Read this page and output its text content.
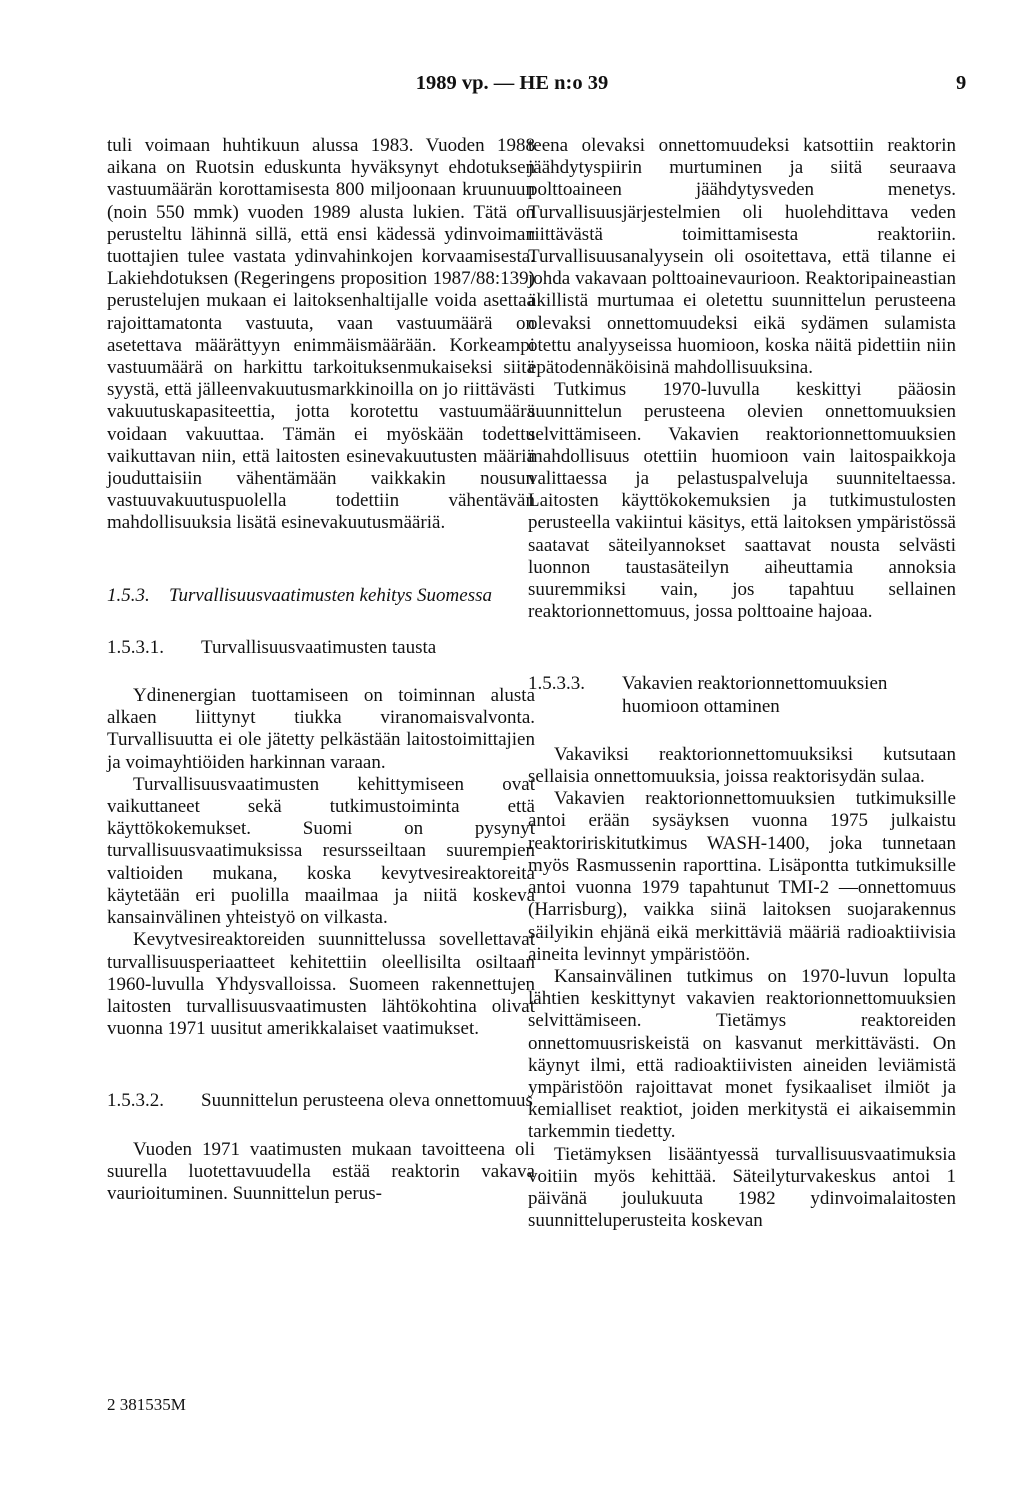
1989 vp. — HE n:o 39	9

tuli voimaan huhtikuun alussa 1983. Vuoden 1988 aikana on Ruotsin eduskunta hyväksynyt ehdotuksen vastuumäärän korottamisesta 800 miljoonaan kruunuun (noin 550 mmk) vuoden 1989 alusta lukien. Tätä on perusteltu lähinnä sillä, että ensi kädessä ydinvoiman tuottajien tulee vastata ydinvahinkojen korvaamisesta. Lakiehdotuksen (Regeringens proposition 1987/88:139) perustelujen mukaan ei laitoksenhaltijalle voida asettaa rajoittamatonta vastuuta, vaan vastuumäärä on asetettava määrättyyn enimmäismäärään. Korkeampi vastuumäärä on harkittu tarkoituksenmukaiseksi siitä syystä, että jälleenvakuutusmarkkinoilla on jo riittävästi vakuutuskapasiteettia, jotta korotettu vastuumäärä voidaan vakuuttaa. Tämän ei myöskään todettu vaikuttavan niin, että laitosten esinevakuutusten määriä jouduttaisiin vähentämään vaikkakin nousun vastuuvakuutuspuolella todettiin vähentävän mahdollisuuksia lisätä esinevakuutusmääriä.

1.5.3.	Turvallisuusvaatimusten kehitys Suomessa
1.5.3.1.	Turvallisuusvaatimusten tausta

Ydinenergian tuottamiseen on toiminnan alusta alkaen liittynyt tiukka viranomaisvalvonta. Turvallisuutta ei ole jätetty pelkästään laitostoimittajien ja voimayhtiöiden harkinnan varaan.

Turvallisuusvaatimusten kehittymiseen ovat vaikuttaneet sekä tutkimustoiminta että käyttökokemukset. Suomi on pysynyt turvallisuusvaatimuksissa resursseiltaan suurempien valtioiden mukana, koska kevytvesireaktoreita käytetään eri puolilla maailmaa ja niitä koskeva kansainvälinen yhteistyö on vilkasta.

Kevytvesireaktoreiden suunnittelussa sovellettavat turvallisuusperiaatteet kehitettiin oleellisilta osiltaan 1960-luvulla Yhdysvalloissa. Suomeen rakennettujen laitosten turvallisuusvaatimusten lähtökohtina olivat vuonna 1971 uusitut amerikkalaiset vaatimukset.

1.5.3.2.	Suunnittelun perusteena oleva onnettomuus

Vuoden 1971 vaatimusten mukaan tavoitteena oli suurella luotettavuudella estää reaktorin vakava vaurioituminen. Suunnittelun perus-

teena olevaksi onnettomuudeksi katsottiin reaktorin jäähdytyspiirin murtuminen ja siitä seuraava polttoaineen jäähdytysveden menetys. Turvallisuusjärjestelmien oli huolehdittava veden riittävästä toimittamisesta reaktoriin. Turvallisuusanalyysein oli osoitettava, että tilanne ei johda vakavaan polttoainevaurioon. Reaktoripaineastian äkillistä murtumaa ei oletettu suunnittelun perusteena olevaksi onnettomuudeksi eikä sydämen sulamista otettu analyyseissa huomioon, koska näitä pidettiin niin epätodennäköisinä mahdollisuuksina.

Tutkimus 1970-luvulla keskittyi pääosin suunnittelun perusteena olevien onnettomuuksien selvittämiseen. Vakavien reaktorionnettomuuksien mahdollisuus otettiin huomioon vain laitospaikkoja valittaessa ja pelastuspalveluja suunniteltaessa. Laitosten käyttökokemuksien ja tutkimustulosten perusteella vakiintui käsitys, että laitoksen ympäristössä saatavat säteilyannokset saattavat nousta selvästi luonnon taustasäteilyn aiheuttamia annoksia suuremmiksi vain, jos tapahtuu sellainen reaktorionnettomuus, jossa polttoaine hajoaa.

1.5.3.3.	Vakavien reaktorionnettomuuksien huomioon ottaminen

Vakaviksi reaktorionnettomuuksiksi kutsutaan sellaisia onnettomuuksia, joissa reaktorisydän sulaa.

Vakavien reaktorionnettomuuksien tutkimuksille antoi erään sysäyksen vuonna 1975 julkaistu reaktoririskitutkimus WASH-1400, joka tunnetaan myös Rasmussenin raporttina. Lisäpontta tutkimuksille antoi vuonna 1979 tapahtunut TMI-2 —onnettomuus (Harrisburg), vaikka siinä laitoksen suojarakennus säilyikin ehjänä eikä merkittäviä määriä radioaktiivisia aineita levinnyt ympäristöön.

Kansainvälinen tutkimus on 1970-luvun lopulta lähtien keskittynyt vakavien reaktorionnettomuuksien selvittämiseen. Tietämys reaktoreiden onnettomuusriskeistä on kasvanut merkittävästi. On käynyt ilmi, että radioaktiivisten aineiden leviämistä ympäristöön rajoittavat monet fysikaaliset ilmiöt ja kemialliset reaktiot, joiden merkitystä ei aikaisemmin tarkemmin tiedetty.

Tietämyksen lisääntyessä turvallisuusvaatimuksia voitiin myös kehittää. Säteilyturvakeskus antoi 1 päivänä joulukuuta 1982 ydinvoimalaitosten suunnitteluperusteita koskevan

2 381535M
